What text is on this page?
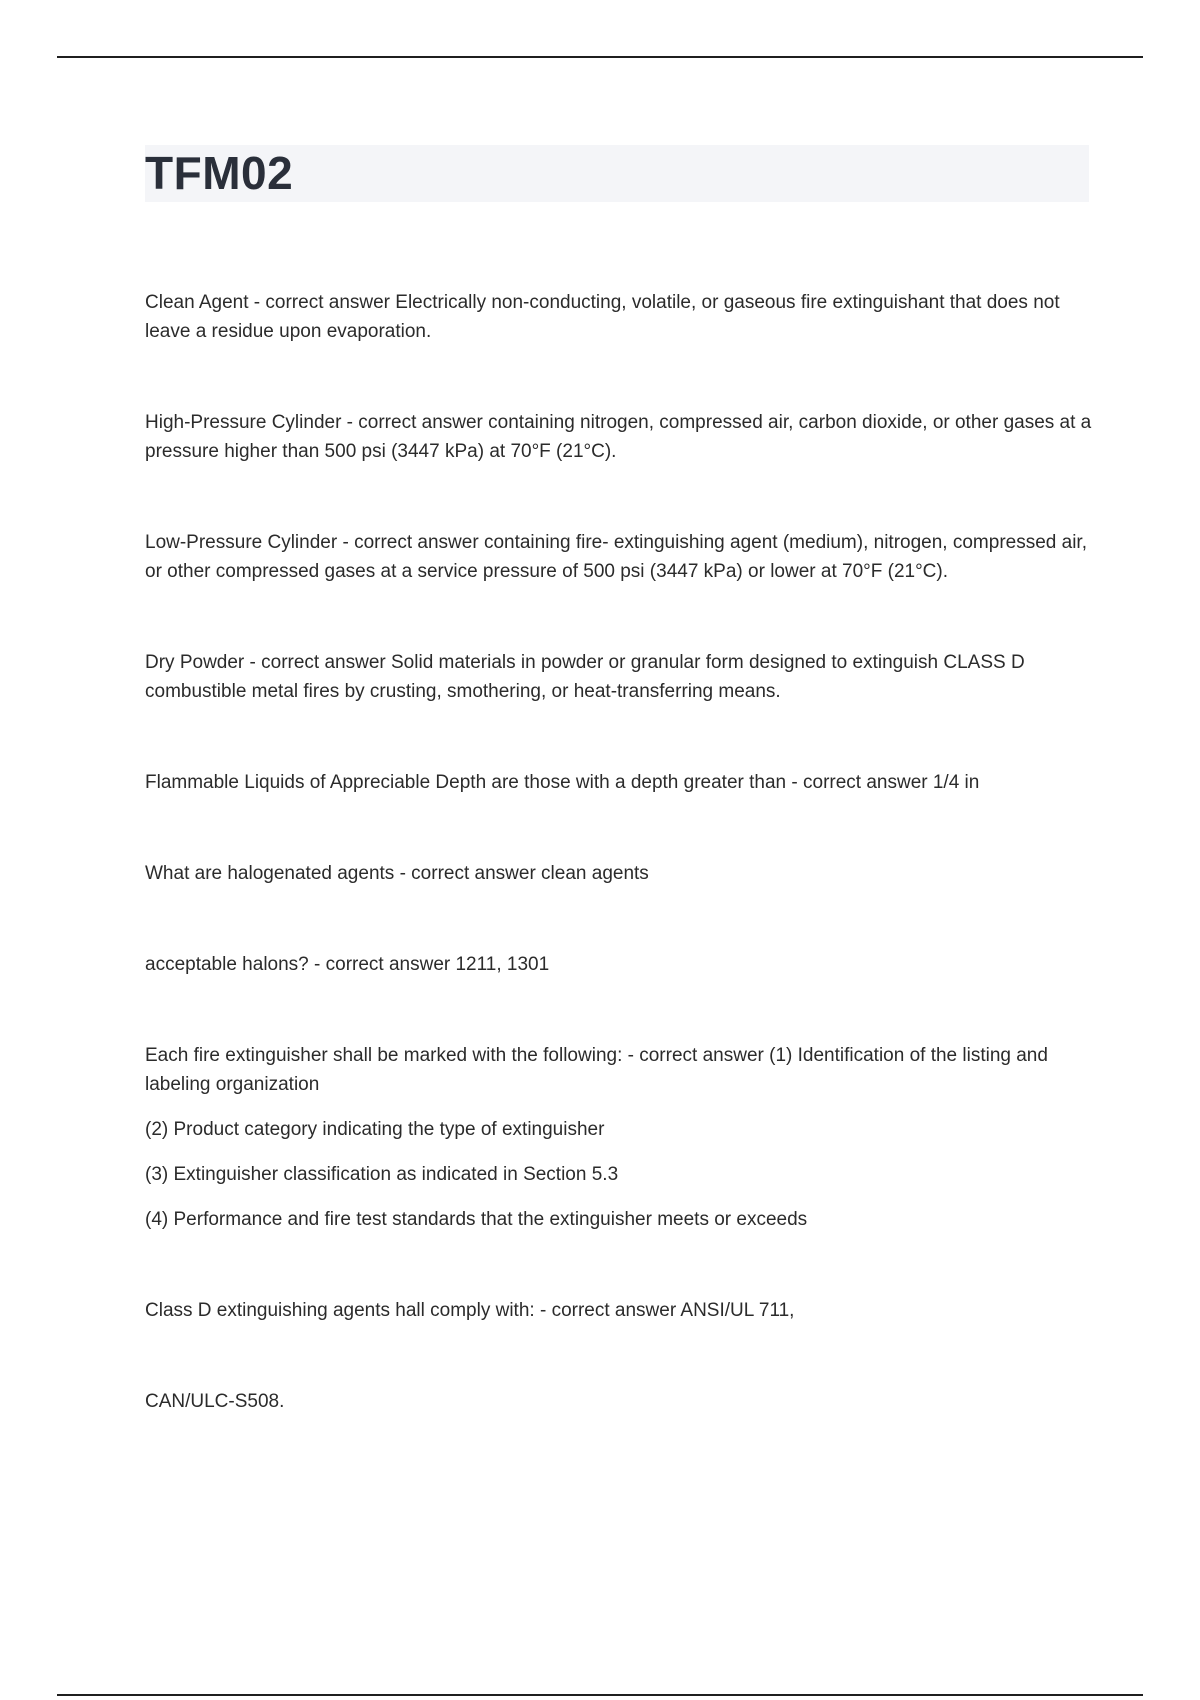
TFM02

Clean Agent - correct answer Electrically non-conducting, volatile, or gaseous fire extinguishant that does not leave a residue upon evaporation.

High-Pressure Cylinder - correct answer containing nitrogen, compressed air, carbon dioxide, or other gases at a pressure higher than 500 psi (3447 kPa) at 70°F (21°C).

Low-Pressure Cylinder - correct answer containing fire- extinguishing agent (medium), nitrogen, compressed air, or other compressed gases at a service pressure of 500 psi (3447 kPa) or lower at 70°F (21°C).

Dry Powder - correct answer Solid materials in powder or granular form designed to extinguish CLASS D combustible metal fires by crusting, smothering, or heat-transferring means.

Flammable Liquids of Appreciable Depth are those with a depth greater than - correct answer 1/4 in

What are halogenated agents - correct answer clean agents

acceptable halons? - correct answer 1211, 1301

Each fire extinguisher shall be marked with the following: - correct answer (1) Identification of the listing and labeling organization
(2) Product category indicating the type of extinguisher
(3) Extinguisher classification as indicated in Section 5.3
(4) Performance and fire test standards that the extinguisher meets or exceeds

Class D extinguishing agents hall comply with: - correct answer ANSI/UL 711,

CAN/ULC-S508.
